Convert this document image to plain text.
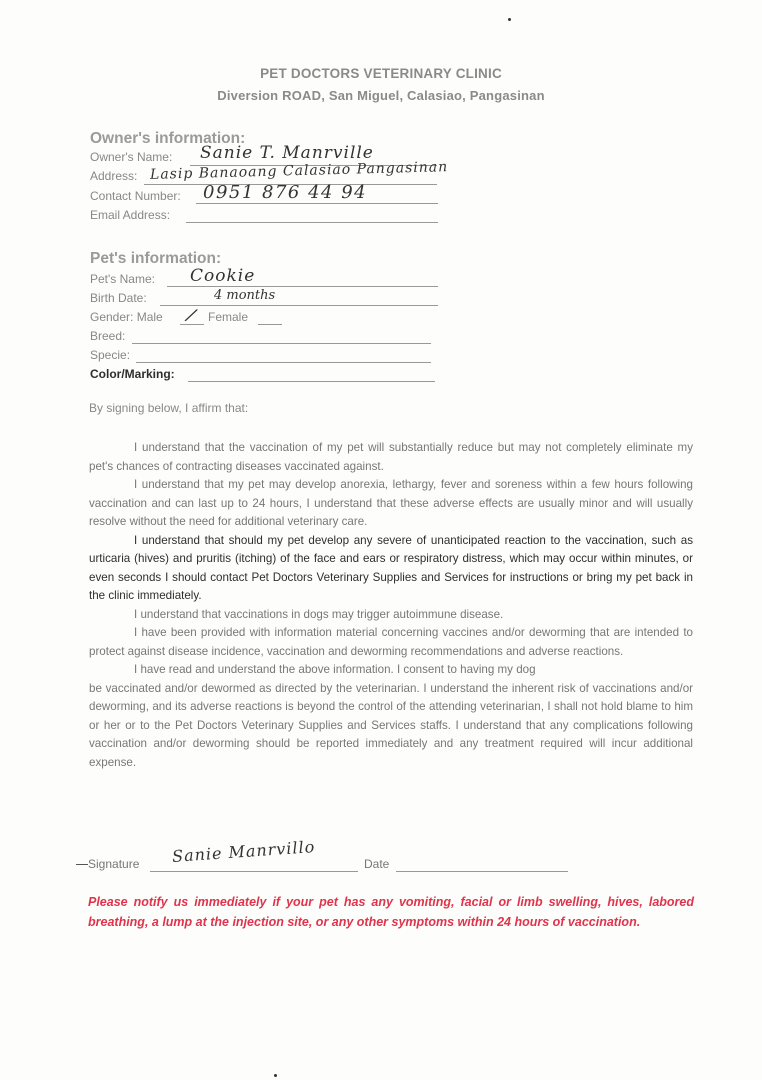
PET DOCTORS VETERINARY CLINIC
Diversion ROAD, San Miguel, Calasiao, Pangasinan
Owner's information:
Owner's Name: Sanie T. Manrville
Address: Lasip Banaoang Calasiao Pangasinan
Contact Number: 0951 876 44 94
Email Address:
Pet's information:
Pet's Name: Cookie
Birth Date:	4 months
Gender: Male / Female
Breed:
Specie:
Color/Marking:
By signing below, I affirm that:

I understand that the vaccination of my pet will substantially reduce but may not completely eliminate my pet's chances of contracting diseases vaccinated against.

I understand that my pet may develop anorexia, lethargy, fever and soreness within a few hours following vaccination and can last up to 24 hours, I understand that these adverse effects are usually minor and will usually resolve without the need for additional veterinary care.

I understand that should my pet develop any severe of unanticipated reaction to the vaccination, such as urticaria (hives) and pruritis (itching) of the face and ears or respiratory distress, which may occur within minutes, or even seconds I should contact Pet Doctors Veterinary Supplies and Services for instructions or bring my pet back in the clinic immediately.

I understand that vaccinations in dogs may trigger autoimmune disease.

I have been provided with information material concerning vaccines and/or deworming that are intended to protect against disease incidence, vaccination and deworming recommendations and adverse reactions.

I have read and understand the above information. I consent to having my dog

be vaccinated and/or dewormed as directed by the veterinarian. I understand the inherent risk of vaccinations and/or deworming, and its adverse reactions is beyond the control of the attending veterinarian, I shall not hold blame to him or her or to the Pet Doctors Veterinary Supplies and Services staffs. I understand that any complications following vaccination and/or deworming should be reported immediately and any treatment required will incur additional expense.

Signature Sanie Manrvillo	Date
Please notify us immediately if your pet has any vomiting, facial or limb swelling, hives, labored breathing, a lump at the injection site, or any other symptoms within 24 hours of vaccination.
